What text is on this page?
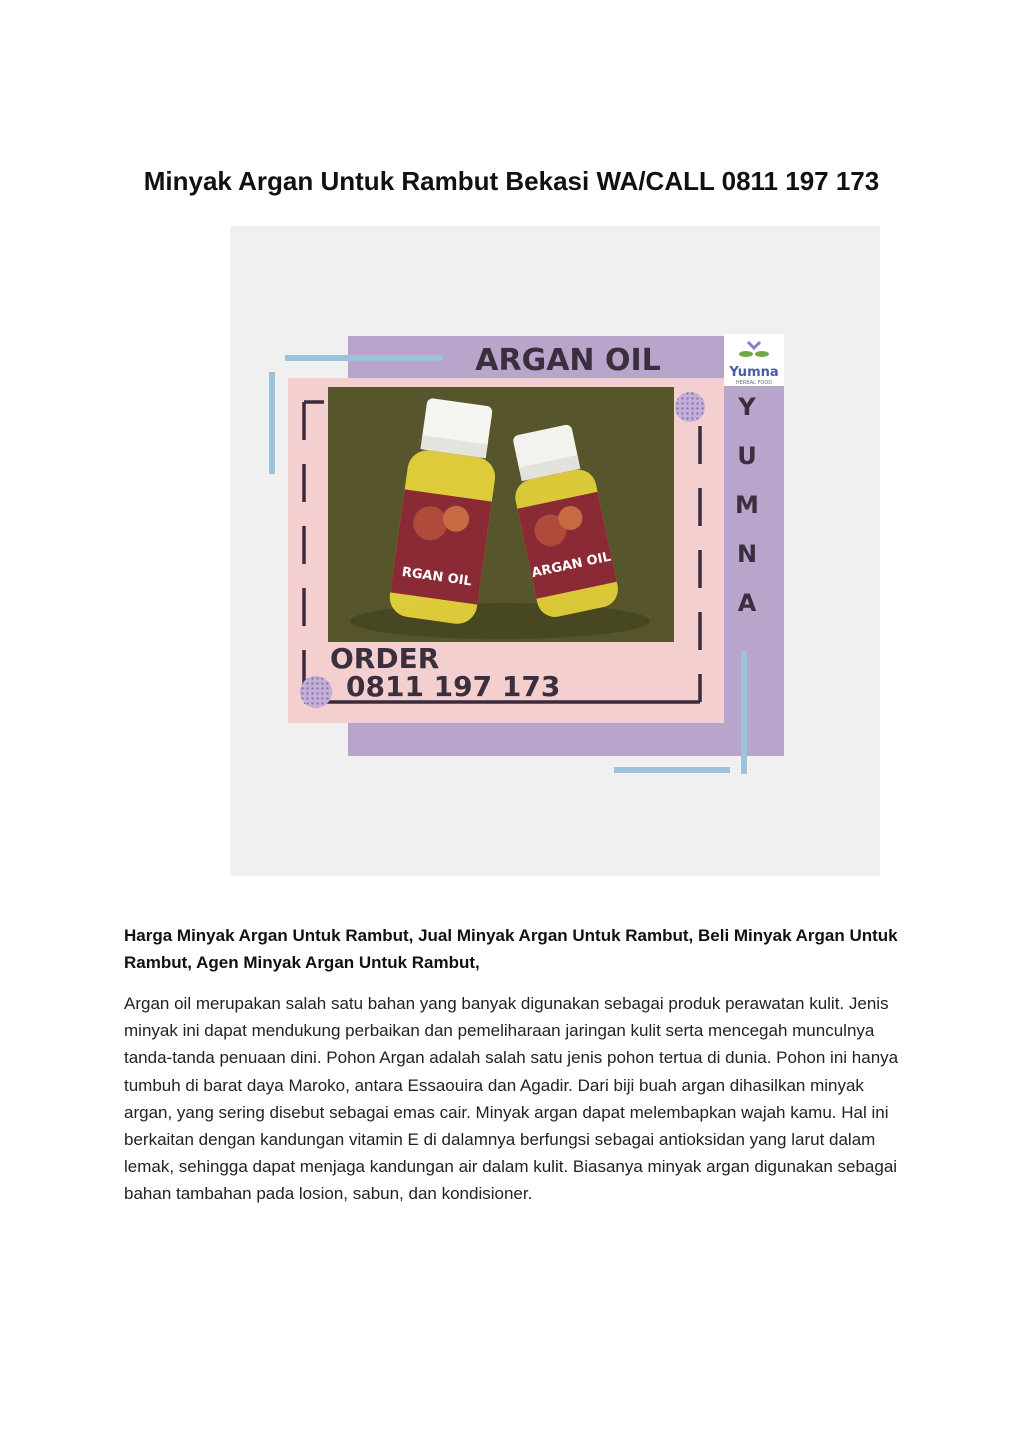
Minyak Argan Untuk Rambut Bekasi WA/CALL 0811 197 173
ARGAN OIL	Yumna
HERBAL FOOD
Y
U
M
N
A
ARGAN OIL
RGAN OIL
ORDER
0811 197 173

Harga Minyak Argan Untuk Rambut, Jual Minyak Argan Untuk Rambut, Beli Minyak Argan Untuk Rambut, Agen Minyak Argan Untuk Rambut,

Argan oil merupakan salah satu bahan yang banyak digunakan sebagai produk perawatan kulit. Jenis minyak ini dapat mendukung perbaikan dan pemeliharaan jaringan kulit serta mencegah munculnya tanda-tanda penuaan dini. Pohon Argan adalah salah satu jenis pohon tertua di dunia. Pohon ini hanya tumbuh di barat daya Maroko, antara Essaouira dan Agadir. Dari biji buah argan dihasilkan minyak argan, yang sering disebut sebagai emas cair. Minyak argan dapat melembapkan wajah kamu. Hal ini berkaitan dengan kandungan vitamin E di dalamnya berfungsi sebagai antioksidan yang larut dalam lemak, sehingga dapat menjaga kandungan air dalam kulit. Biasanya minyak argan digunakan sebagai bahan tambahan pada losion, sabun, dan kondisioner.
